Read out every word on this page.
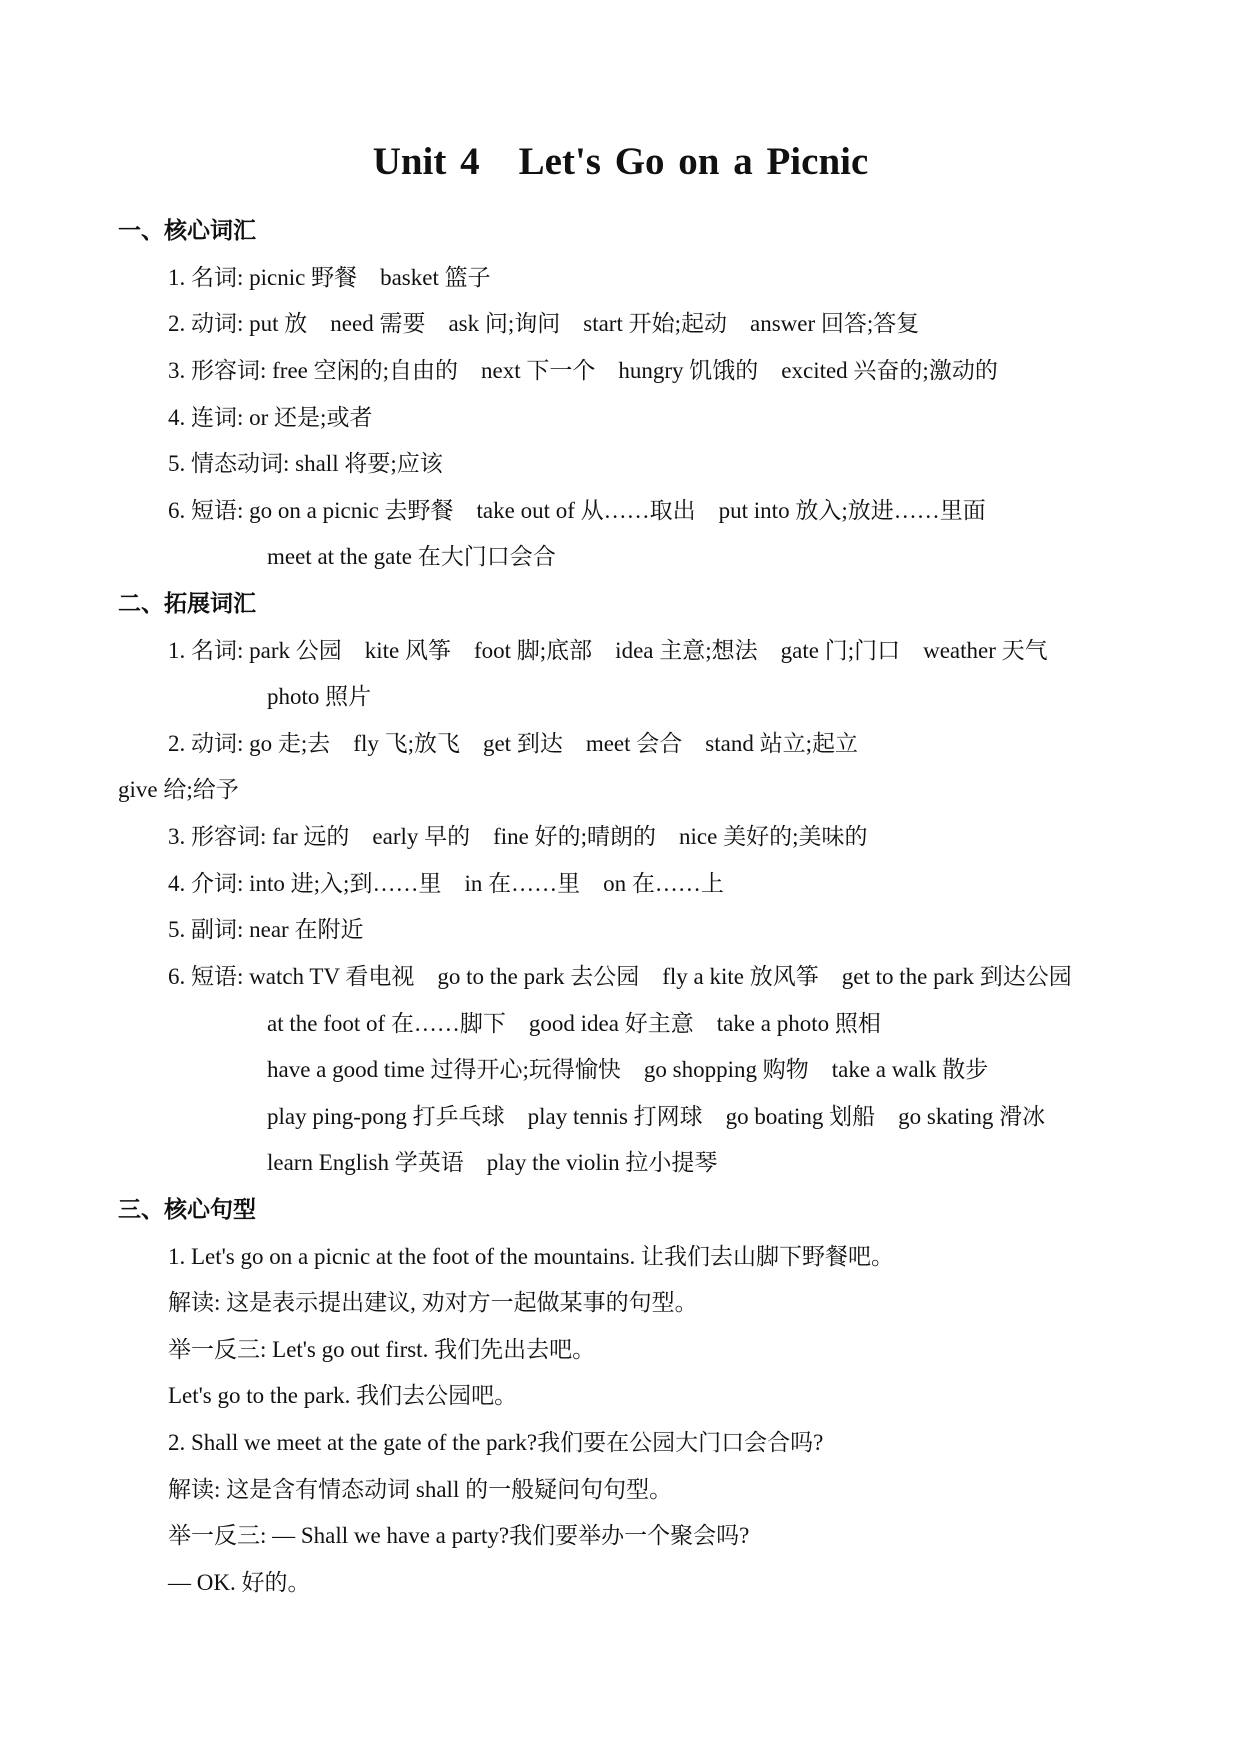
Unit 4 Let's Go on a Picnic
一、核心词汇
1. 名词: picnic 野餐　basket 篮子
2. 动词: put 放　need 需要　ask 问;询问　start 开始;起动　answer 回答;答复
3. 形容词: free 空闲的;自由的　next 下一个　hungry 饥饿的　excited 兴奋的;激动的
4. 连词: or 还是;或者
5. 情态动词: shall 将要;应该
6. 短语: go on a picnic 去野餐　take out of 从……取出　put into 放入;放进……里面
meet at the gate 在大门口会合
二、拓展词汇
1. 名词: park 公园　kite 风筝　foot 脚;底部　idea 主意;想法　gate 门;门口　weather 天气
photo 照片
2. 动词: go 走;去　fly 飞;放飞　get 到达　meet 会合　stand 站立;起立
give 给;给予
3. 形容词: far 远的　early 早的　fine 好的;晴朗的　nice 美好的;美味的
4. 介词: into 进;入;到……里　in 在……里　on 在……上
5. 副词: near 在附近
6. 短语: watch TV 看电视　go to the park 去公园　fly a kite 放风筝　get to the park 到达公园
at the foot of 在……脚下　good idea 好主意　take a photo 照相
have a good time 过得开心;玩得愉快　go shopping 购物　take a walk 散步
play ping-pong 打乒乓球　play tennis 打网球　go boating 划船　go skating 滑冰
learn English 学英语　play the violin 拉小提琴
三、核心句型
1. Let's go on a picnic at the foot of the mountains. 让我们去山脚下野餐吧。
解读: 这是表示提出建议, 劝对方一起做某事的句型。
举一反三: Let's go out first. 我们先出去吧。
Let's go to the park. 我们去公园吧。
2. Shall we meet at the gate of the park?我们要在公园大门口会合吗?
解读: 这是含有情态动词 shall 的一般疑问句句型。
举一反三: — Shall we have a party?我们要举办一个聚会吗?
— OK. 好的。
